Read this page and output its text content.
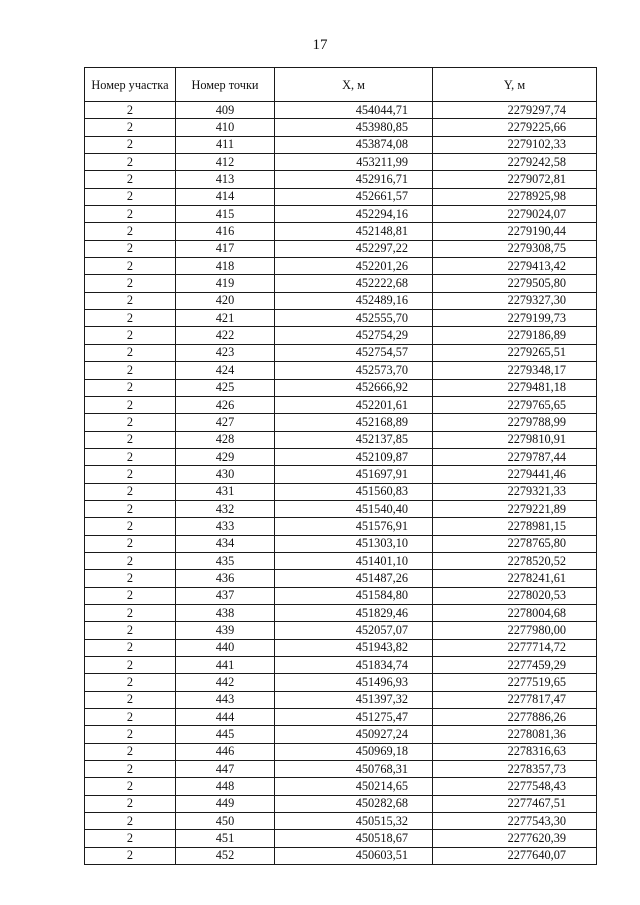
17
Номер участка	Номер точки	X, м	Y, м
2	409	454044,71	2279297,74
2	410	453980,85	2279225,66
2	411	453874,08	2279102,33
2	412	453211,99	2279242,58
2	413	452916,71	2279072,81
2	414	452661,57	2278925,98
2	415	452294,16	2279024,07
2	416	452148,81	2279190,44
2	417	452297,22	2279308,75
2	418	452201,26	2279413,42
2	419	452222,68	2279505,80
2	420	452489,16	2279327,30
2	421	452555,70	2279199,73
2	422	452754,29	2279186,89
2	423	452754,57	2279265,51
2	424	452573,70	2279348,17
2	425	452666,92	2279481,18
2	426	452201,61	2279765,65
2	427	452168,89	2279788,99
2	428	452137,85	2279810,91
2	429	452109,87	2279787,44
2	430	451697,91	2279441,46
2	431	451560,83	2279321,33
2	432	451540,40	2279221,89
2	433	451576,91	2278981,15
2	434	451303,10	2278765,80
2	435	451401,10	2278520,52
2	436	451487,26	2278241,61
2	437	451584,80	2278020,53
2	438	451829,46	2278004,68
2	439	452057,07	2277980,00
2	440	451943,82	2277714,72
2	441	451834,74	2277459,29
2	442	451496,93	2277519,65
2	443	451397,32	2277817,47
2	444	451275,47	2277886,26
2	445	450927,24	2278081,36
2	446	450969,18	2278316,63
2	447	450768,31	2278357,73
2	448	450214,65	2277548,43
2	449	450282,68	2277467,51
2	450	450515,32	2277543,30
2	451	450518,67	2277620,39
2	452	450603,51	2277640,07
